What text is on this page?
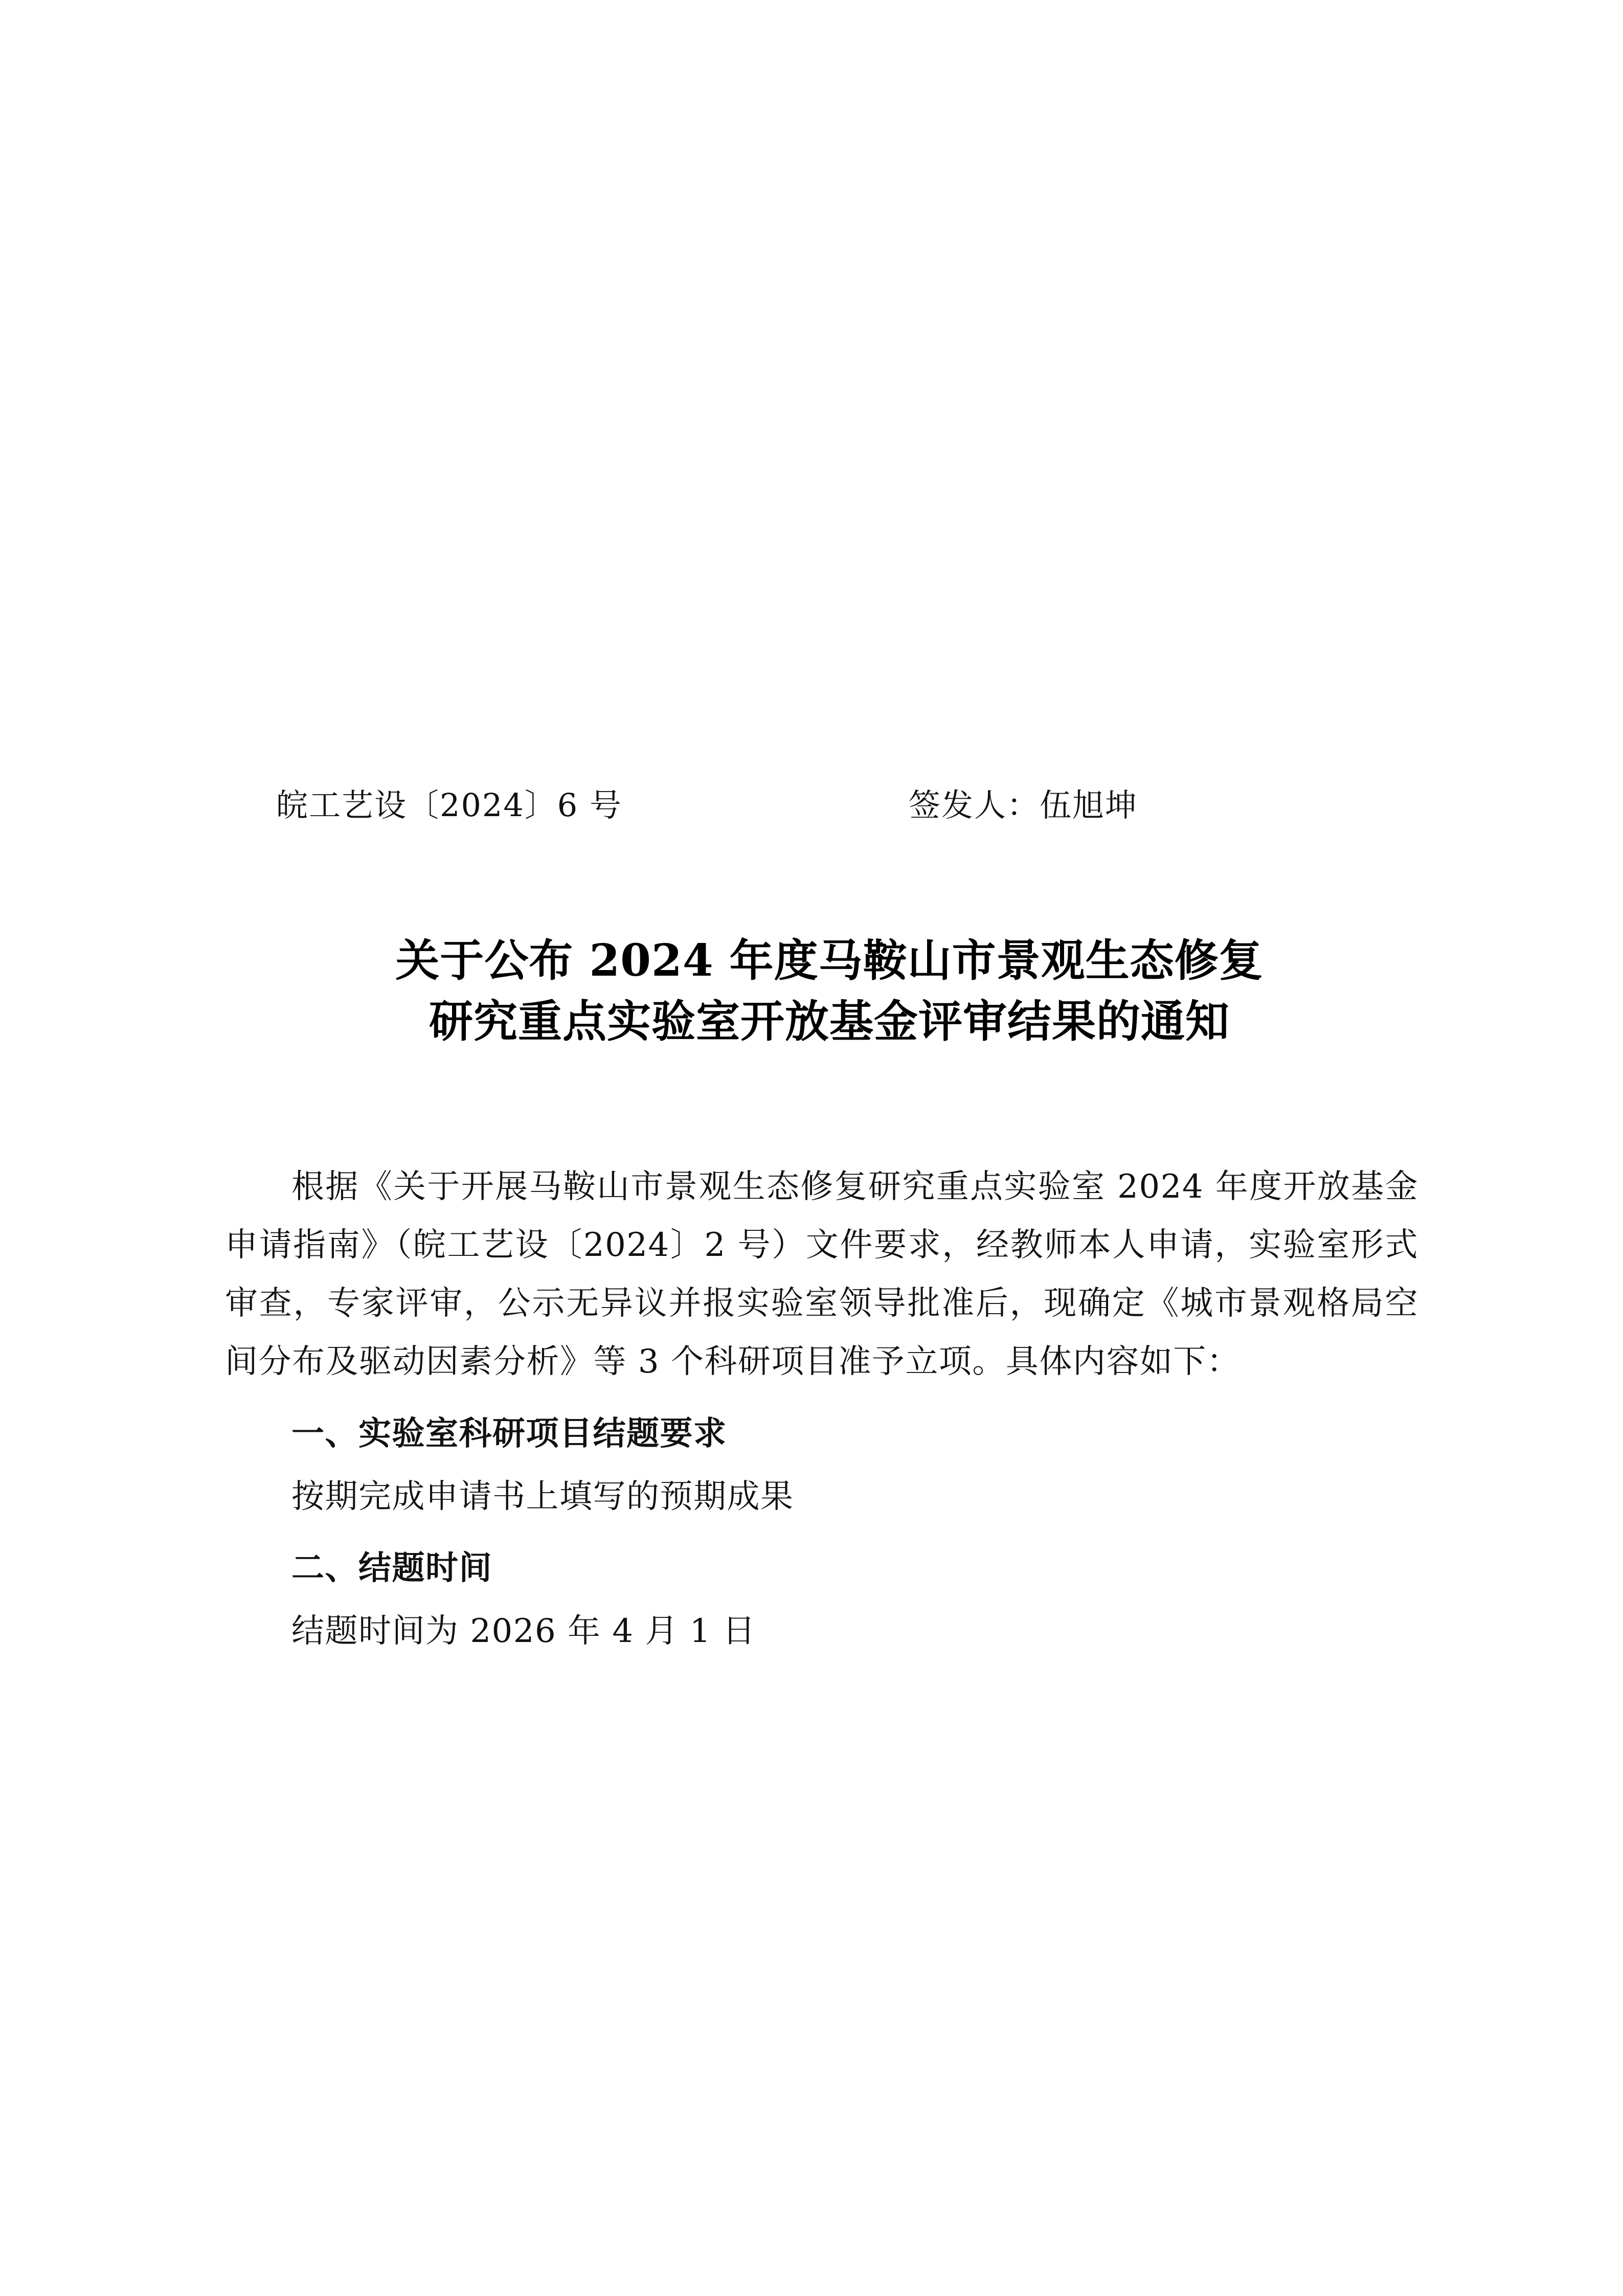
皖工艺设〔2024〕6 号	签发人：伍旭坤
关于公布 2024 年度马鞍山市景观生态修复
研究重点实验室开放基金评审结果的通知

根据《关于开展马鞍山市景观生态修复研究重点实验室 2024 年度开放基金申请指南》（皖工艺设〔2024〕2 号）文件要求，经教师本人申请，实验室形式审查，专家评审，公示无异议并报实验室领导批准后，现确定《城市景观格局空间分布及驱动因素分析》等 3 个科研项目准予立项。具体内容如下：

一、实验室科研项目结题要求

按期完成申请书上填写的预期成果

二、结题时间

结题时间为 2026 年 4 月 1 日
